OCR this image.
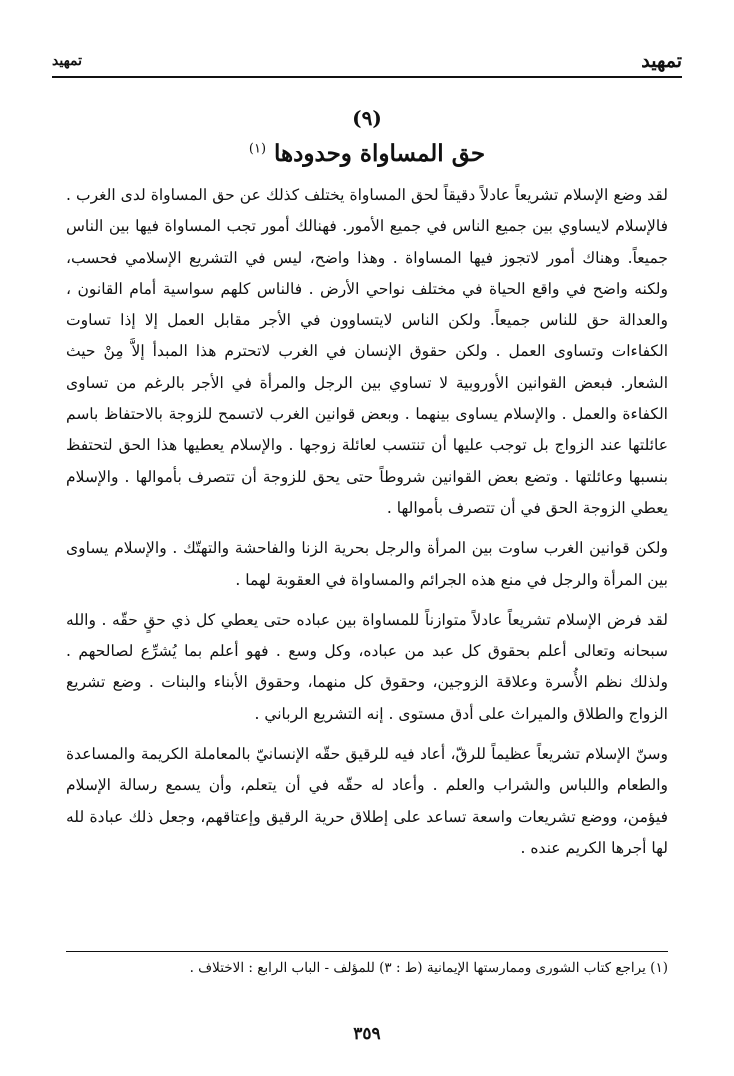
تمهيد
تمهيد
(٩)
حق المساواة وحدودها $^{(١)}$

لقد وضع الإسلام تشريعاً عادلاً دقيقاً لحق المساواة يختلف كذلك عن حق المساواة لدى الغرب . فالإسلام لايساوي بين جميع الناس في جميع الأمور. فهنالك أمور تجب المساواة فيها بين الناس جميعاً. وهناك أمور لاتجوز فيها المساواة . وهذا واضح، ليس في التشريع الإسلامي فحسب، ولكنه واضح في واقع الحياة في مختلف نواحي الأرض . فالناس كلهم سواسية أمام القانون ، والعدالة حق للناس جميعاً. ولكن الناس لايتساوون في الأجر مقابل العمل إلا إذا تساوت الكفاءات وتساوى العمل . ولكن حقوق الإنسان في الغرب لاتحترم هذا المبدأ إلاَّ مِنْ حيث الشعار. فبعض القوانين الأوروبية لا تساوي بين الرجل والمرأة في الأجر بالرغم من تساوى الكفاءة والعمل . والإسلام يساوى بينهما . وبعض قوانين الغرب لاتسمح للزوجة بالاحتفاظ باسم عائلتها عند الزواج بل توجب عليها أن تنتسب لعائلة زوجها . والإسلام يعطيها هذا الحق لتحتفظ بنسبها وعائلتها . وتضع بعض القوانين شروطاً حتى يحق للزوجة أن تتصرف بأموالها . والإسلام يعطي الزوجة الحق في أن تتصرف بأموالها .

ولكن قوانين الغرب ساوت بين المرأة والرجل بحرية الزنا والفاحشة والتهتّك . والإسلام يساوى بين المرأة والرجل في منع هذه الجرائم والمساواة في العقوبة لهما .

لقد فرض الإسلام تشريعاً عادلاً متوازناً للمساواة بين عباده حتى يعطي كل ذي حقٍ حقّه . والله سبحانه وتعالى أعلم بحقوق كل عبد من عباده، وكل وسع . فهو أعلم بما يُشرِّع لصالحهم . ولذلك نظم الأُسرة وعلاقة الزوجين، وحقوق كل منهما، وحقوق الأبناء والبنات . وضع تشريع الزواج والطلاق والميراث على أدق مستوى . إنه التشريع الرباني .

وسنّ الإسلام تشريعاً عظيماً للرقّ، أعاد فيه للرقيق حقّه الإنسانيّ بالمعاملة الكريمة والمساعدة والطعام واللباس والشراب والعلم . وأعاد له حقّه في أن يتعلم، وأن يسمع رسالة الإسلام فيؤمن، ووضع تشريعات واسعة تساعد على إطلاق حرية الرقيق وإعتاقهم، وجعل ذلك عبادة لله لها أجرها الكريم عنده .

(١) يراجع كتاب الشورى وممارستها الإيمانية (ط : ٣) للمؤلف - الباب الرابع : الاختلاف .
٣٥٩
